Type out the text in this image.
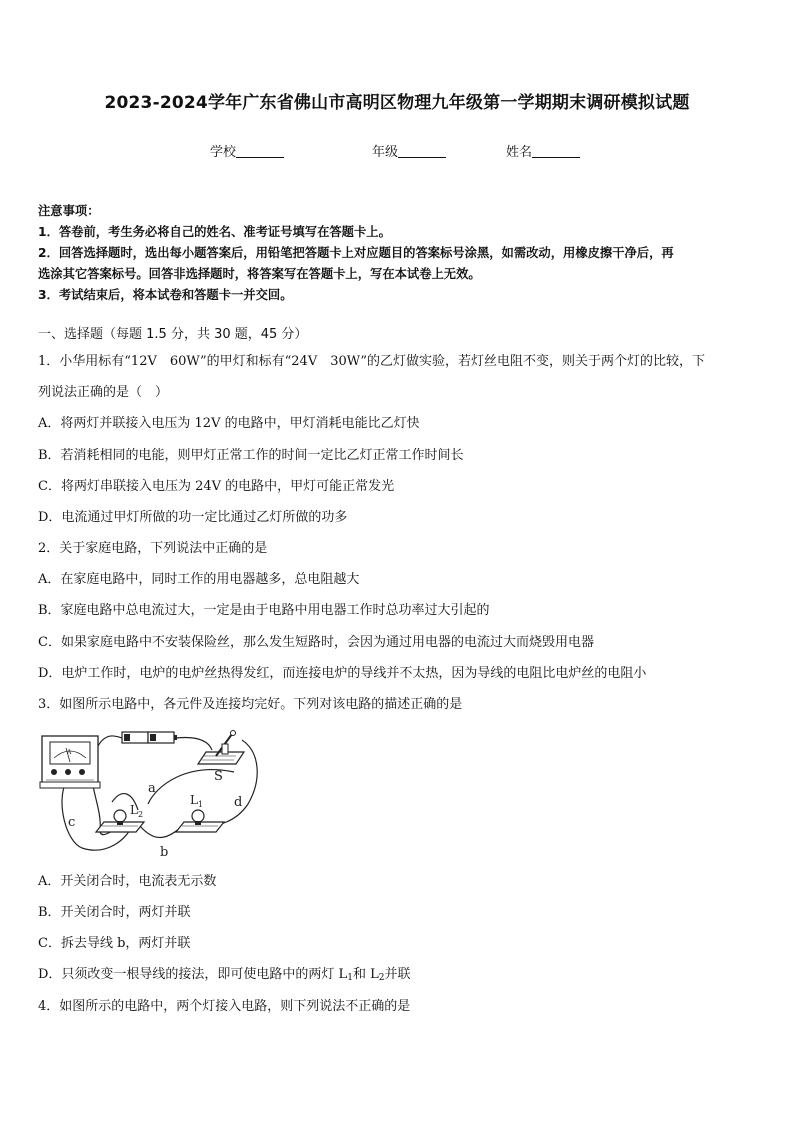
2023-2024学年广东省佛山市高明区物理九年级第一学期期末调研模拟试题
学校	年级	姓名
注意事项：
1．答卷前，考生务必将自己的姓名、准考证号填写在答题卡上。
2．回答选择题时，选出每小题答案后，用铅笔把答题卡上对应题目的答案标号涂黑，如需改动，用橡皮擦干净后，再
选涂其它答案标号。回答非选择题时，将答案写在答题卡上，写在本试卷上无效。
3．考试结束后，将本试卷和答题卡一并交回。
一、选择题（每题 1.5 分，共 30 题，45 分）
1．小华用标有“12V　60W”的甲灯和标有“24V　30W”的乙灯做实验，若灯丝电阻不变，则关于两个灯的比较，下
列说法正确的是（　）
A．将两灯并联接入电压为 12V 的电路中，甲灯消耗电能比乙灯快
B．若消耗相同的电能，则甲灯正常工作的时间一定比乙灯正常工作时间长
C．将两灯串联接入电压为 24V 的电路中，甲灯可能正常发光
D．电流通过甲灯所做的功一定比通过乙灯所做的功多
2．关于家庭电路，下列说法中正确的是
A．在家庭电路中，同时工作的用电器越多，总电阻越大
B．家庭电路中总电流过大，一定是由于电路中用电器工作时总功率过大引起的
C．如果家庭电路中不安装保险丝，那么发生短路时，会因为通过用电器的电流过大而烧毁用电器
D．电炉工作时，电炉的电炉丝热得发红，而连接电炉的导线并不太热，因为导线的电阻比电炉丝的电阻小
3．如图所示电路中，各元件及连接均完好。下列对该电路的描述正确的是
A
S
$L_2$
$L_1$
a
b
c
d
A．开关闭合时，电流表无示数
B．开关闭合时，两灯并联
C．拆去导线 b，两灯并联
D．只须改变一根导线的接法，即可使电路中的两灯 $L_1$和 $L_2$并联
4．如图所示的电路中，两个灯接入电路，则下列说法不正确的是
